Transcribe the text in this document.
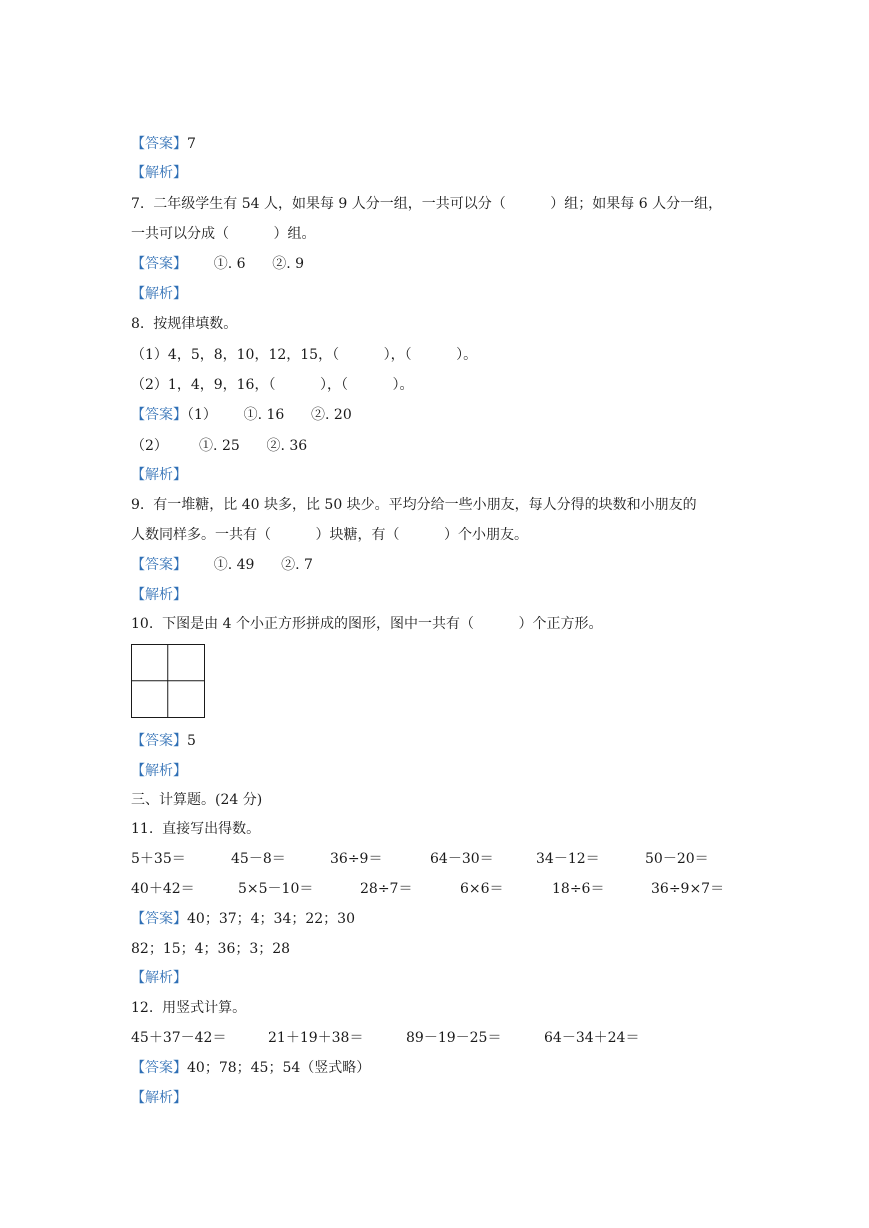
【答案】7
【解析】
7.  二年级学生有 54 人，如果每 9 人分一组，一共可以分（          ）组；如果每 6 人分一组，
一共可以分成（          ）组。
【答案】      ①. 6      ②. 9
【解析】
8.  按规律填数。
（1）4，5，8，10，12，15，（          ），（          ）。
（2）1，4，9，16，（          ），（          ）。
【答案】（1）      ①. 16      ②. 20
（2）       ①. 25      ②. 36
【解析】
9.  有一堆糖，比 40 块多，比 50 块少。平均分给一些小朋友，每人分得的块数和小朋友的
人数同样多。一共有（          ）块糖，有（          ）个小朋友。
【答案】      ①. 49      ②. 7
【解析】
10.  下图是由 4 个小正方形拼成的图形，图中一共有（          ）个正方形。
【答案】5
【解析】
三、计算题。(24 分)
11.  直接写出得数。
5＋35＝	45－8＝	36÷9＝	64－30＝	34－12＝	50－20＝
40＋42＝	5×5－10＝	28÷7＝	6×6＝	18÷6＝	36÷9×7＝
【答案】40；37；4；34；22；30
82；15；4；36；3；28
【解析】
12.  用竖式计算。
45＋37－42＝	21＋19＋38＝	89－19－25＝	64－34＋24＝
【答案】40；78；45；54（竖式略）
【解析】
